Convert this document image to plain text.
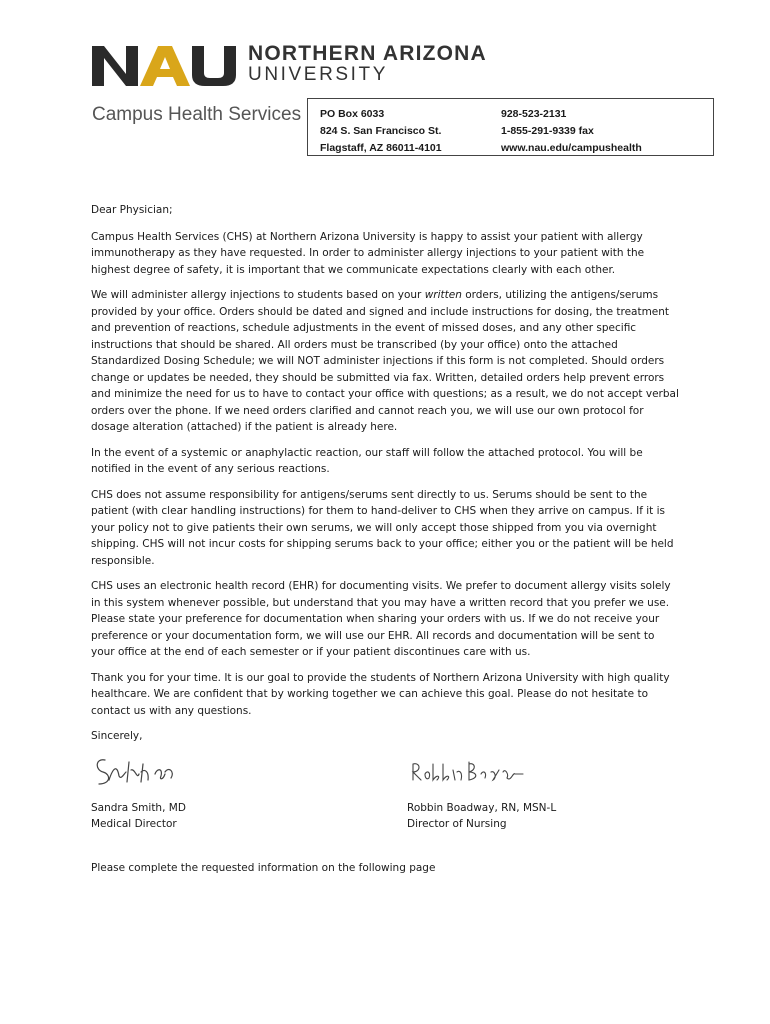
NORTHERN ARIZONA
UNIVERSITY
Campus Health Services PO Box 6033
824 S. San Francisco St.
Flagstaff, AZ 86011-4101
928-523-2131
1-855-291-9339 fax
www.nau.edu/campushealth

Dear Physician;

Campus Health Services (CHS) at Northern Arizona University is happy to assist your patient with allergy immunotherapy as they have requested. In order to administer allergy injections to your patient with the highest degree of safety, it is important that we communicate expectations clearly with each other.

We will administer allergy injections to students based on your written orders, utilizing the antigens/serums provided by your office. Orders should be dated and signed and include instructions for dosing, the treatment and prevention of reactions, schedule adjustments in the event of missed doses, and any other specific instructions that should be shared. All orders must be transcribed (by your office) onto the attached Standardized Dosing Schedule; we will NOT administer injections if this form is not completed. Should orders change or updates be needed, they should be submitted via fax. Written, detailed orders help prevent errors and minimize the need for us to have to contact your office with questions; as a result, we do not accept verbal orders over the phone. If we need orders clarified and cannot reach you, we will use our own protocol for dosage alteration (attached) if the patient is already here.

In the event of a systemic or anaphylactic reaction, our staff will follow the attached protocol. You will be notified in the event of any serious reactions.

CHS does not assume responsibility for antigens/serums sent directly to us. Serums should be sent to the patient (with clear handling instructions) for them to hand-deliver to CHS when they arrive on campus. If it is your policy not to give patients their own serums, we will only accept those shipped from you via overnight shipping. CHS will not incur costs for shipping serums back to your office; either you or the patient will be held responsible.

CHS uses an electronic health record (EHR) for documenting visits. We prefer to document allergy visits solely in this system whenever possible, but understand that you may have a written record that you prefer we use. Please state your preference for documentation when sharing your orders with us. If we do not receive your preference or your documentation form, we will use our EHR. All records and documentation will be sent to your office at the end of each semester or if your patient discontinues care with us.

Thank you for your time. It is our goal to provide the students of Northern Arizona University with high quality healthcare. We are confident that by working together we can achieve this goal. Please do not hesitate to contact us with any questions.

Sincerely,

Sandra Smith, MD
Medical Director
Robbin Boadway, RN, MSN-L
Director of Nursing
Please complete the requested information on the following page
